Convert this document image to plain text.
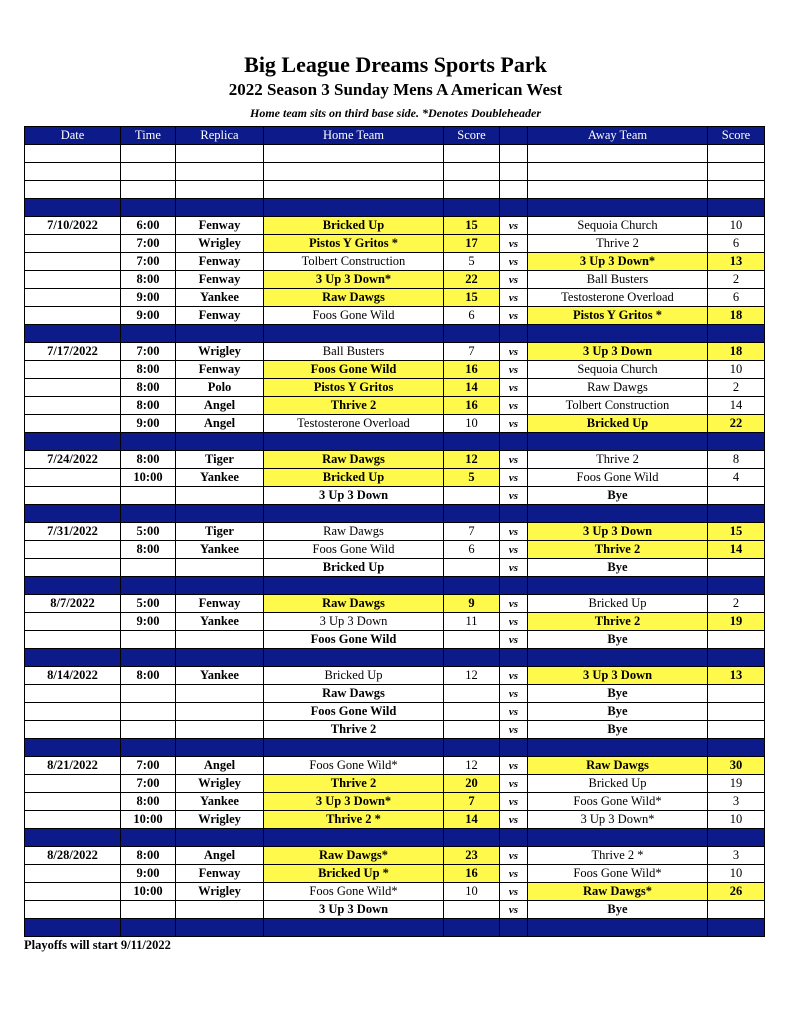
Big League Dreams Sports Park
2022 Season 3 Sunday Mens A American West
Home team sits on third base side. *Denotes Doubleheader
Date	Time	Replica	Home Team	Score		Away Team	Score

7/10/2022	6:00	Fenway	Bricked Up	15	vs	Sequoia Church	10
	7:00	Wrigley	Pistos Y Gritos *	17	vs	Thrive 2	6
	7:00	Fenway	Tolbert Construction	5	vs	3 Up 3 Down*	13
	8:00	Fenway	3 Up 3 Down*	22	vs	Ball Busters	2
	9:00	Yankee	Raw Dawgs	15	vs	Testosterone Overload	6
	9:00	Fenway	Foos Gone Wild	6	vs	Pistos Y Gritos *	18

7/17/2022	7:00	Wrigley	Ball Busters	7	vs	3 Up 3 Down	18
	8:00	Fenway	Foos Gone Wild	16	vs	Sequoia Church	10
	8:00	Polo	Pistos Y Gritos	14	vs	Raw Dawgs	2
	8:00	Angel	Thrive 2	16	vs	Tolbert Construction	14
	9:00	Angel	Testosterone Overload	10	vs	Bricked Up	22

7/24/2022	8:00	Tiger	Raw Dawgs	12	vs	Thrive 2	8
	10:00	Yankee	Bricked Up	5	vs	Foos Gone Wild	4
			3 Up 3 Down		vs	Bye	

7/31/2022	5:00	Tiger	Raw Dawgs	7	vs	3 Up 3 Down	15
	8:00	Yankee	Foos Gone Wild	6	vs	Thrive 2	14
			Bricked Up		vs	Bye	

8/7/2022	5:00	Fenway	Raw Dawgs	9	vs	Bricked Up	2
	9:00	Yankee	3 Up 3 Down	11	vs	Thrive 2	19
			Foos Gone Wild		vs	Bye	

8/14/2022	8:00	Yankee	Bricked Up	12	vs	3 Up 3 Down	13
			Raw Dawgs		vs	Bye	
			Foos Gone Wild		vs	Bye	
			Thrive 2		vs	Bye	

8/21/2022	7:00	Angel	Foos Gone Wild*	12	vs	Raw Dawgs	30
	7:00	Wrigley	Thrive 2	20	vs	Bricked Up	19
	8:00	Yankee	3 Up 3 Down*	7	vs	Foos Gone Wild*	3
	10:00	Wrigley	Thrive 2 *	14	vs	3 Up 3 Down*	10

8/28/2022	8:00	Angel	Raw Dawgs*	23	vs	Thrive 2 *	3
	9:00	Fenway	Bricked Up *	16	vs	Foos Gone Wild*	10
	10:00	Wrigley	Foos Gone Wild*	10	vs	Raw Dawgs*	26
			3 Up 3 Down		vs	Bye	

Playoffs will start 9/11/2022
